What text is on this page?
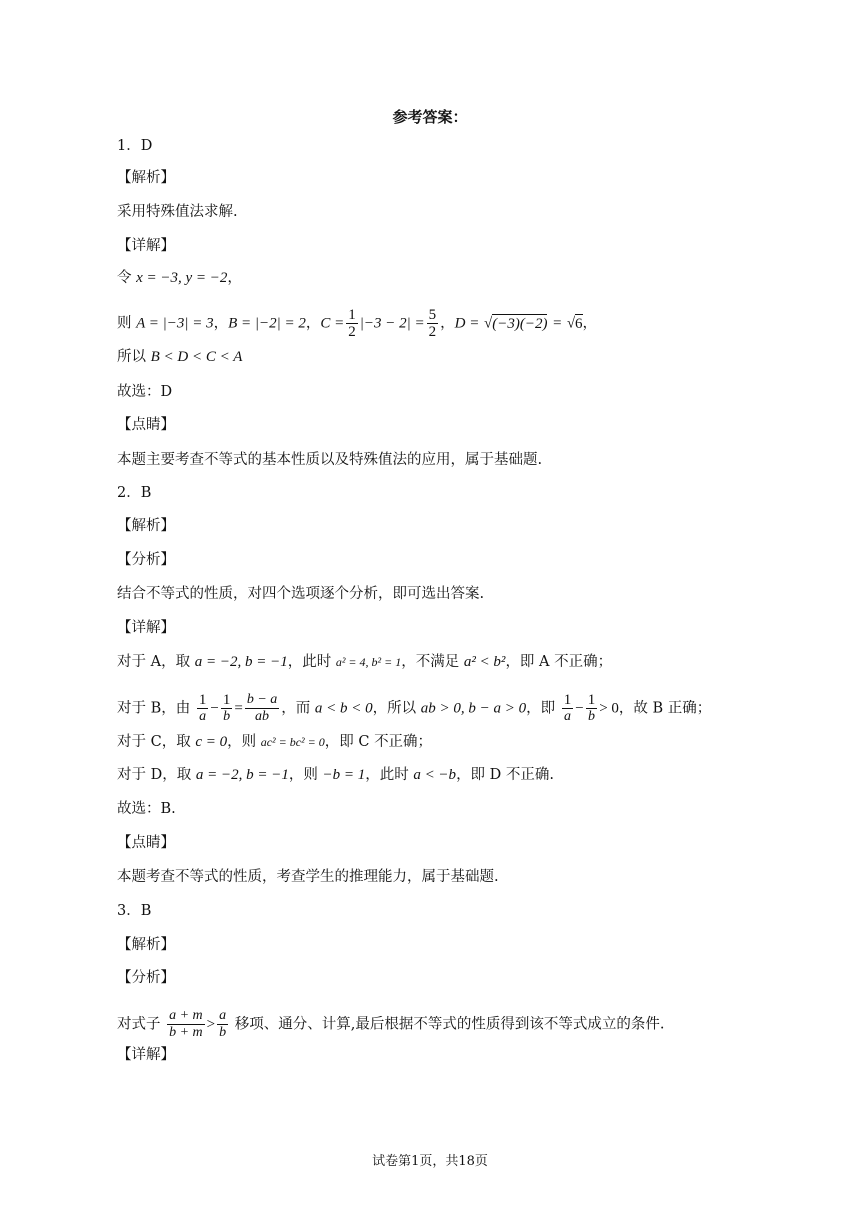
参考答案：
1．D
【解析】
采用特殊值法求解.
【详解】
令 x = −3, y = −2，
则 A = |−3| = 3，B = |−2| = 2，$C = \frac{1}{2} |-3 - 2| = \frac{5}{2}$ ，D = √(−3)(−2) = √6，
所以 B < D < C < A
故选：D
【点睛】
本题主要考查不等式的基本性质以及特殊值法的应用，属于基础题.
2．B
【解析】
【分析】
结合不等式的性质，对四个选项逐个分析，即可选出答案.
【详解】
对于 A，取 a = −2, b = −1，此时 a² = 4, b² = 1，不满足 a² < b²，即 A 不正确；
对于 B，由 $\frac{1}{a} - \frac{1}{b} = \frac{b - a}{ab}$ ，而 a < b < 0，所以 ab > 0, b − a > 0，即 $\frac{1}{a} - \frac{1}{b} > 0$，故 B 正确；
对于 C，取 c = 0，则 ac² = bc² = 0，即 C 不正确；
对于 D，取 a = −2, b = −1，则 −b = 1，此时 a < −b，即 D 不正确.
故选：B.
【点睛】
本题考查不等式的性质，考查学生的推理能力，属于基础题.
3．B
【解析】
【分析】
对式子 $\frac{a + m}{b + m} > \frac{a}{b}$ 移项、通分、计算,最后根据不等式的性质得到该不等式成立的条件.
【详解】
试卷第1页，共18页
